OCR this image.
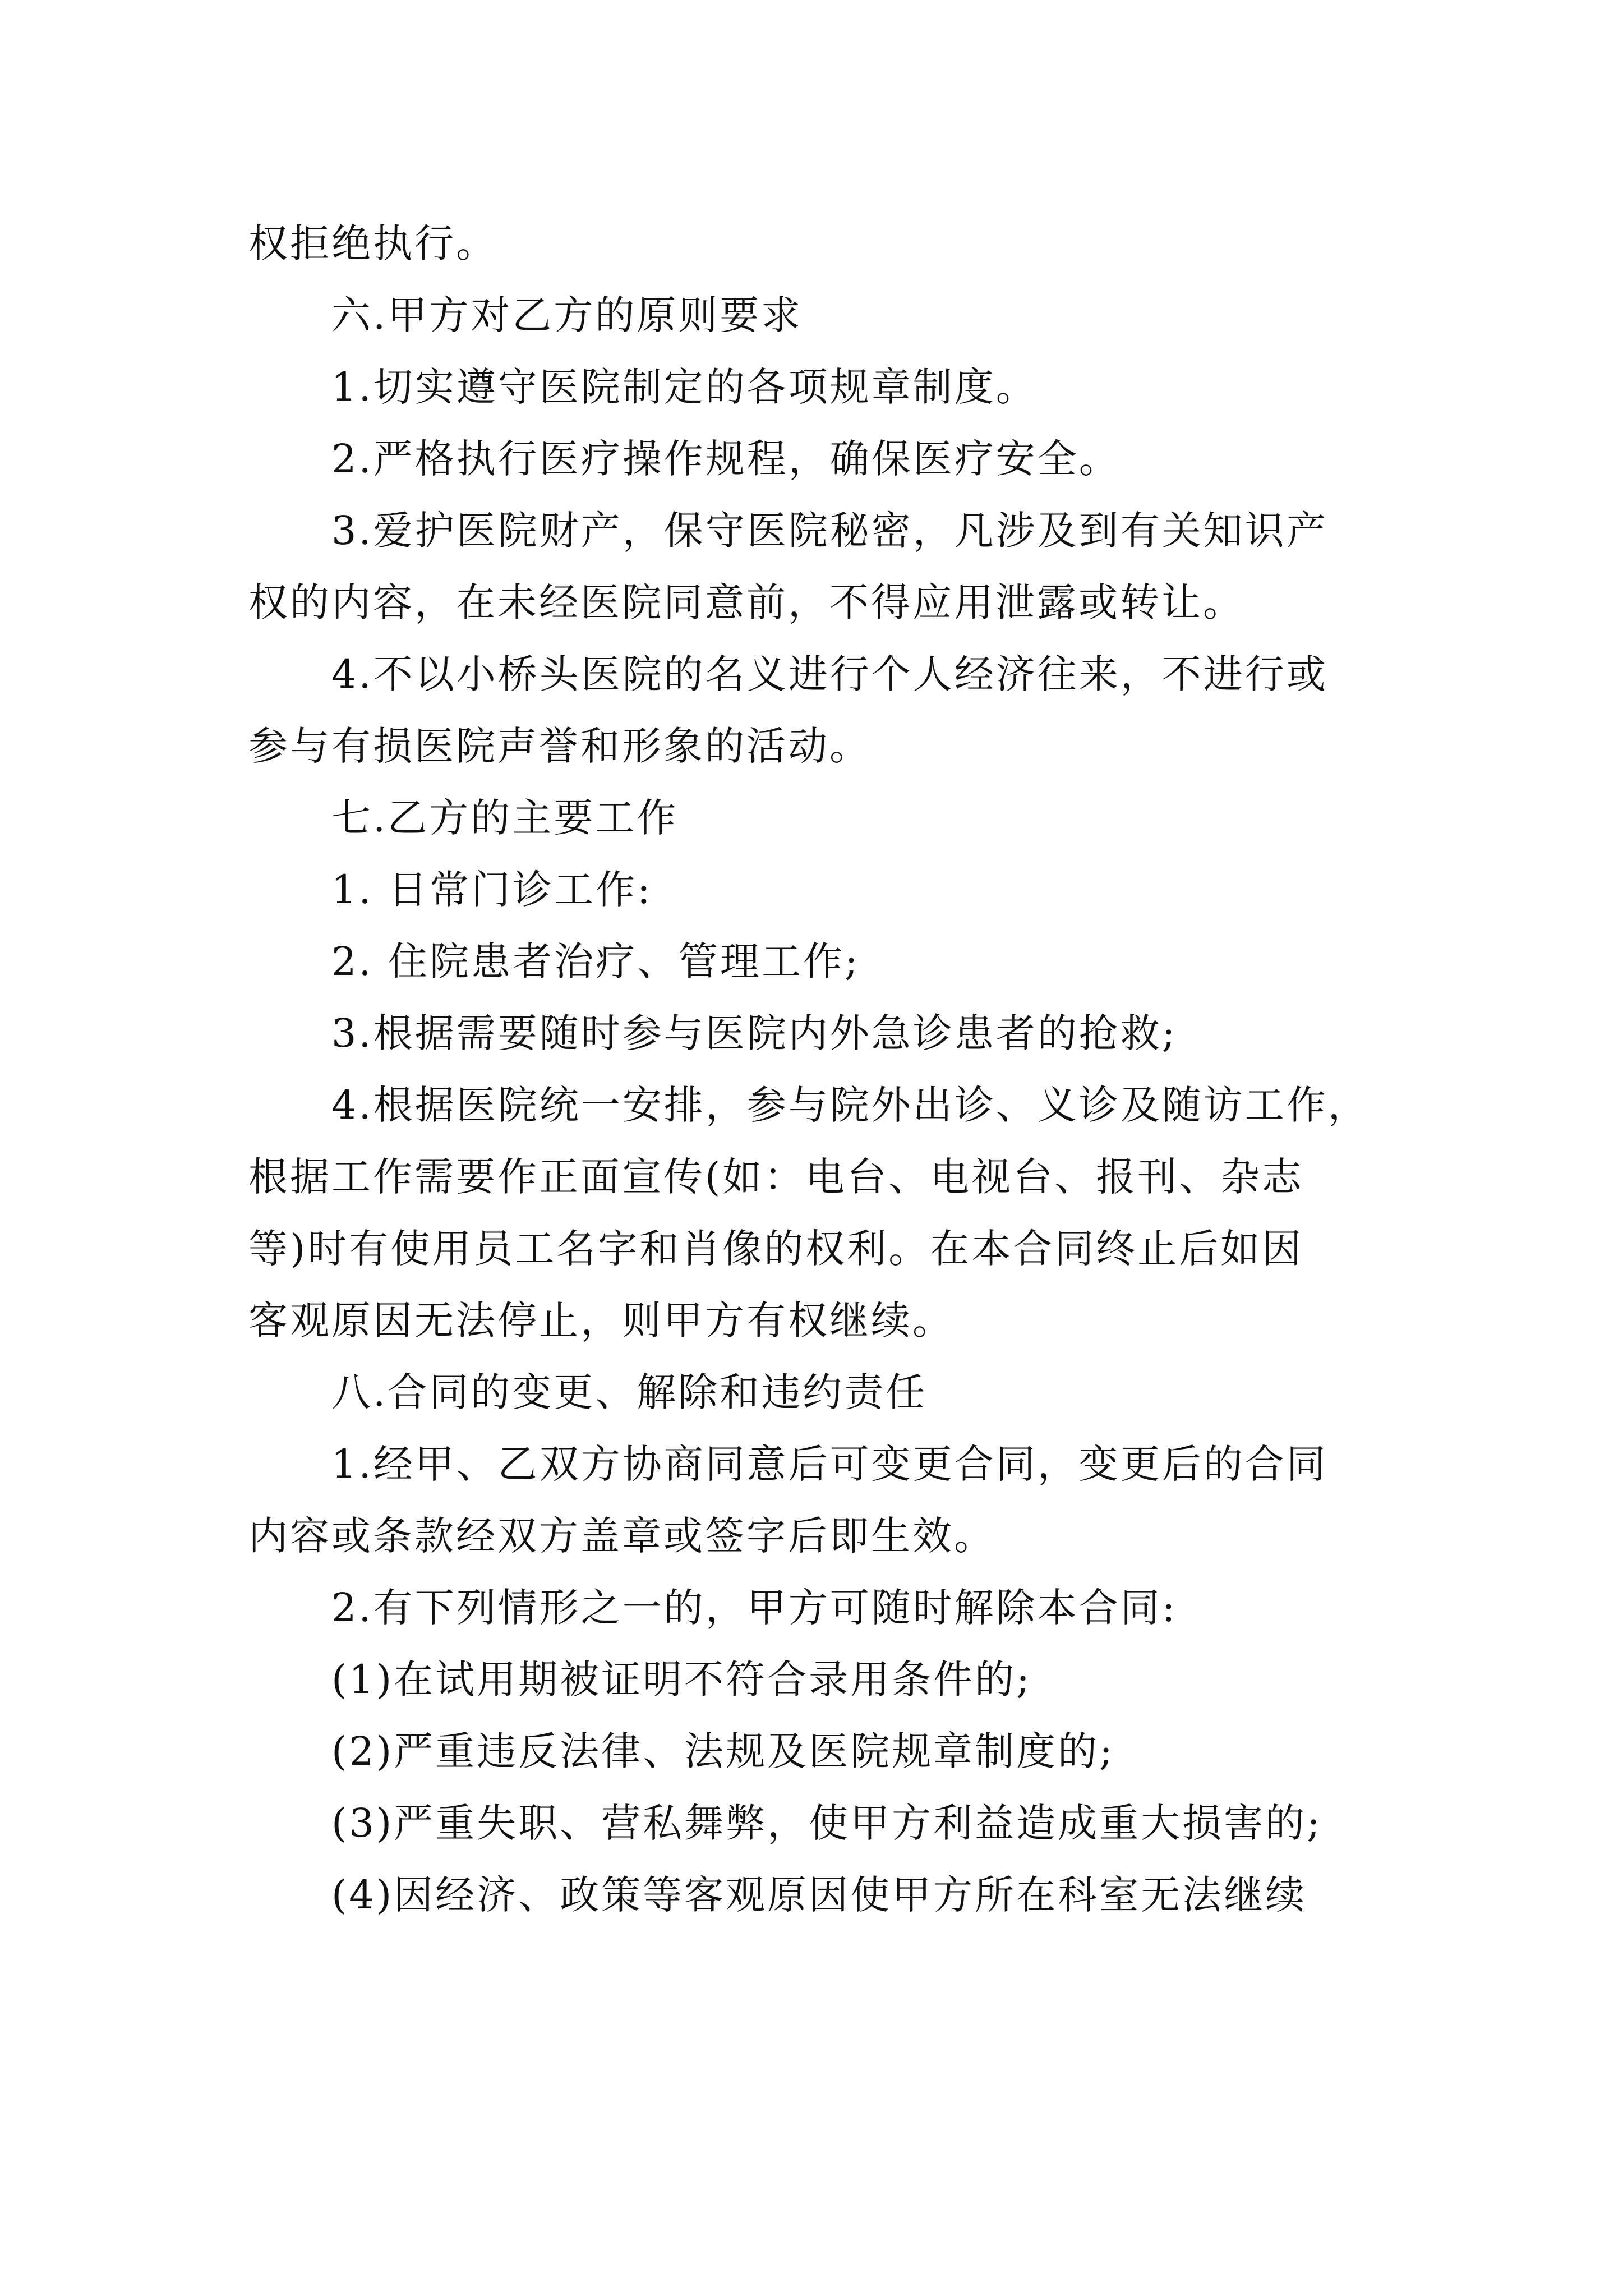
权拒绝执行。
六.甲方对乙方的原则要求
1.切实遵守医院制定的各项规章制度。
2.严格执行医疗操作规程，确保医疗安全。
3.爱护医院财产，保守医院秘密，凡涉及到有关知识产
权的内容，在未经医院同意前，不得应用泄露或转让。
4.不以小桥头医院的名义进行个人经济往来，不进行或
参与有损医院声誉和形象的活动。
七.乙方的主要工作
1. 日常门诊工作:
2. 住院患者治疗、管理工作;
3.根据需要随时参与医院内外急诊患者的抢救;
4.根据医院统一安排，参与院外出诊、义诊及随访工作，
根据工作需要作正面宣传(如：电台、电视台、报刊、杂志
等)时有使用员工名字和肖像的权利。在本合同终止后如因
客观原因无法停止，则甲方有权继续。
八.合同的变更、解除和违约责任
1.经甲、乙双方协商同意后可变更合同，变更后的合同
内容或条款经双方盖章或签字后即生效。
2.有下列情形之一的，甲方可随时解除本合同:
(1)在试用期被证明不符合录用条件的;
(2)严重违反法律、法规及医院规章制度的;
(3)严重失职、营私舞弊，使甲方利益造成重大损害的;
(4)因经济、政策等客观原因使甲方所在科室无法继续
